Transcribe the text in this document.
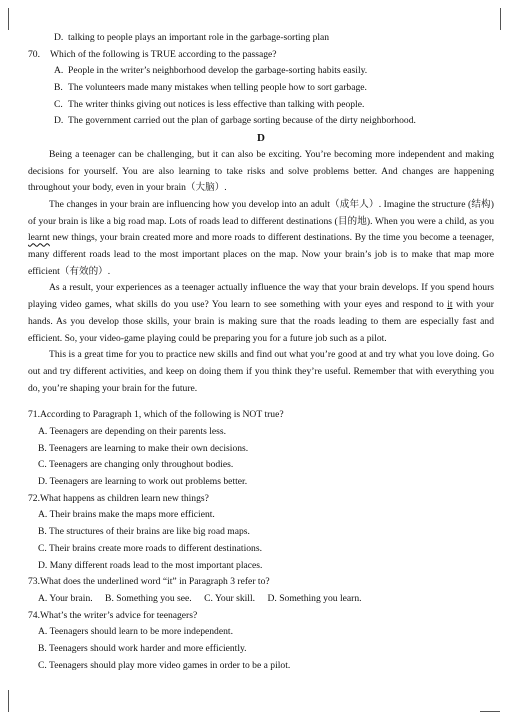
D. talking to people plays an important role in the garbage-sorting plan
70. Which of the following is TRUE according to the passage?
A. People in the writer’s neighborhood develop the garbage-sorting habits easily.
B. The volunteers made many mistakes when telling people how to sort garbage.
C. The writer thinks giving out notices is less effective than talking with people.
D. The government carried out the plan of garbage sorting because of the dirty neighborhood.
D

Being a teenager can be challenging, but it can also be exciting. You’re becoming more independent and making decisions for yourself. You are also learning to take risks and solve problems better. And changes are happening throughout your body, even in your brain（大脑）.

The changes in your brain are influencing how you develop into an adult（成年人）. Imagine the structure (结构) of your brain is like a big road map. Lots of roads lead to different destinations (目的地). When you were a child, as you learnt new things, your brain created more and more roads to different destinations. By the time you become a teenager, many different roads lead to the most important places on the map. Now your brain’s job is to make that map more efficient（有效的）.

As a result, your experiences as a teenager actually influence the way that your brain develops. If you spend hours playing video games, what skills do you use? You learn to see something with your eyes and respond to it with your hands. As you develop those skills, your brain is making sure that the roads leading to them are especially fast and efficient. So, your video-game playing could be preparing you for a future job such as a pilot.

This is a great time for you to practice new skills and find out what you’re good at and try what you love doing. Go out and try different activities, and keep on doing them if you think they’re useful. Remember that with everything you do, you’re shaping your brain for the future.

71.According to Paragraph 1, which of the following is NOT true?
A. Teenagers are depending on their parents less.
B. Teenagers are learning to make their own decisions.
C. Teenagers are changing only throughout bodies.
D. Teenagers are learning to work out problems better.
72.What happens as children learn new things?
A. Their brains make the maps more efficient.
B. The structures of their brains are like big road maps.
C. Their brains create more roads to different destinations.
D. Many different roads lead to the most important places.
73.What does the underlined word “it” in Paragraph 3 refer to?
A. Your brain. B. Something you see. C. Your skill. D. Something you learn.
74.What’s the writer’s advice for teenagers?
A. Teenagers should learn to be more independent.
B. Teenagers should work harder and more efficiently.
C. Teenagers should play more video games in order to be a pilot.
